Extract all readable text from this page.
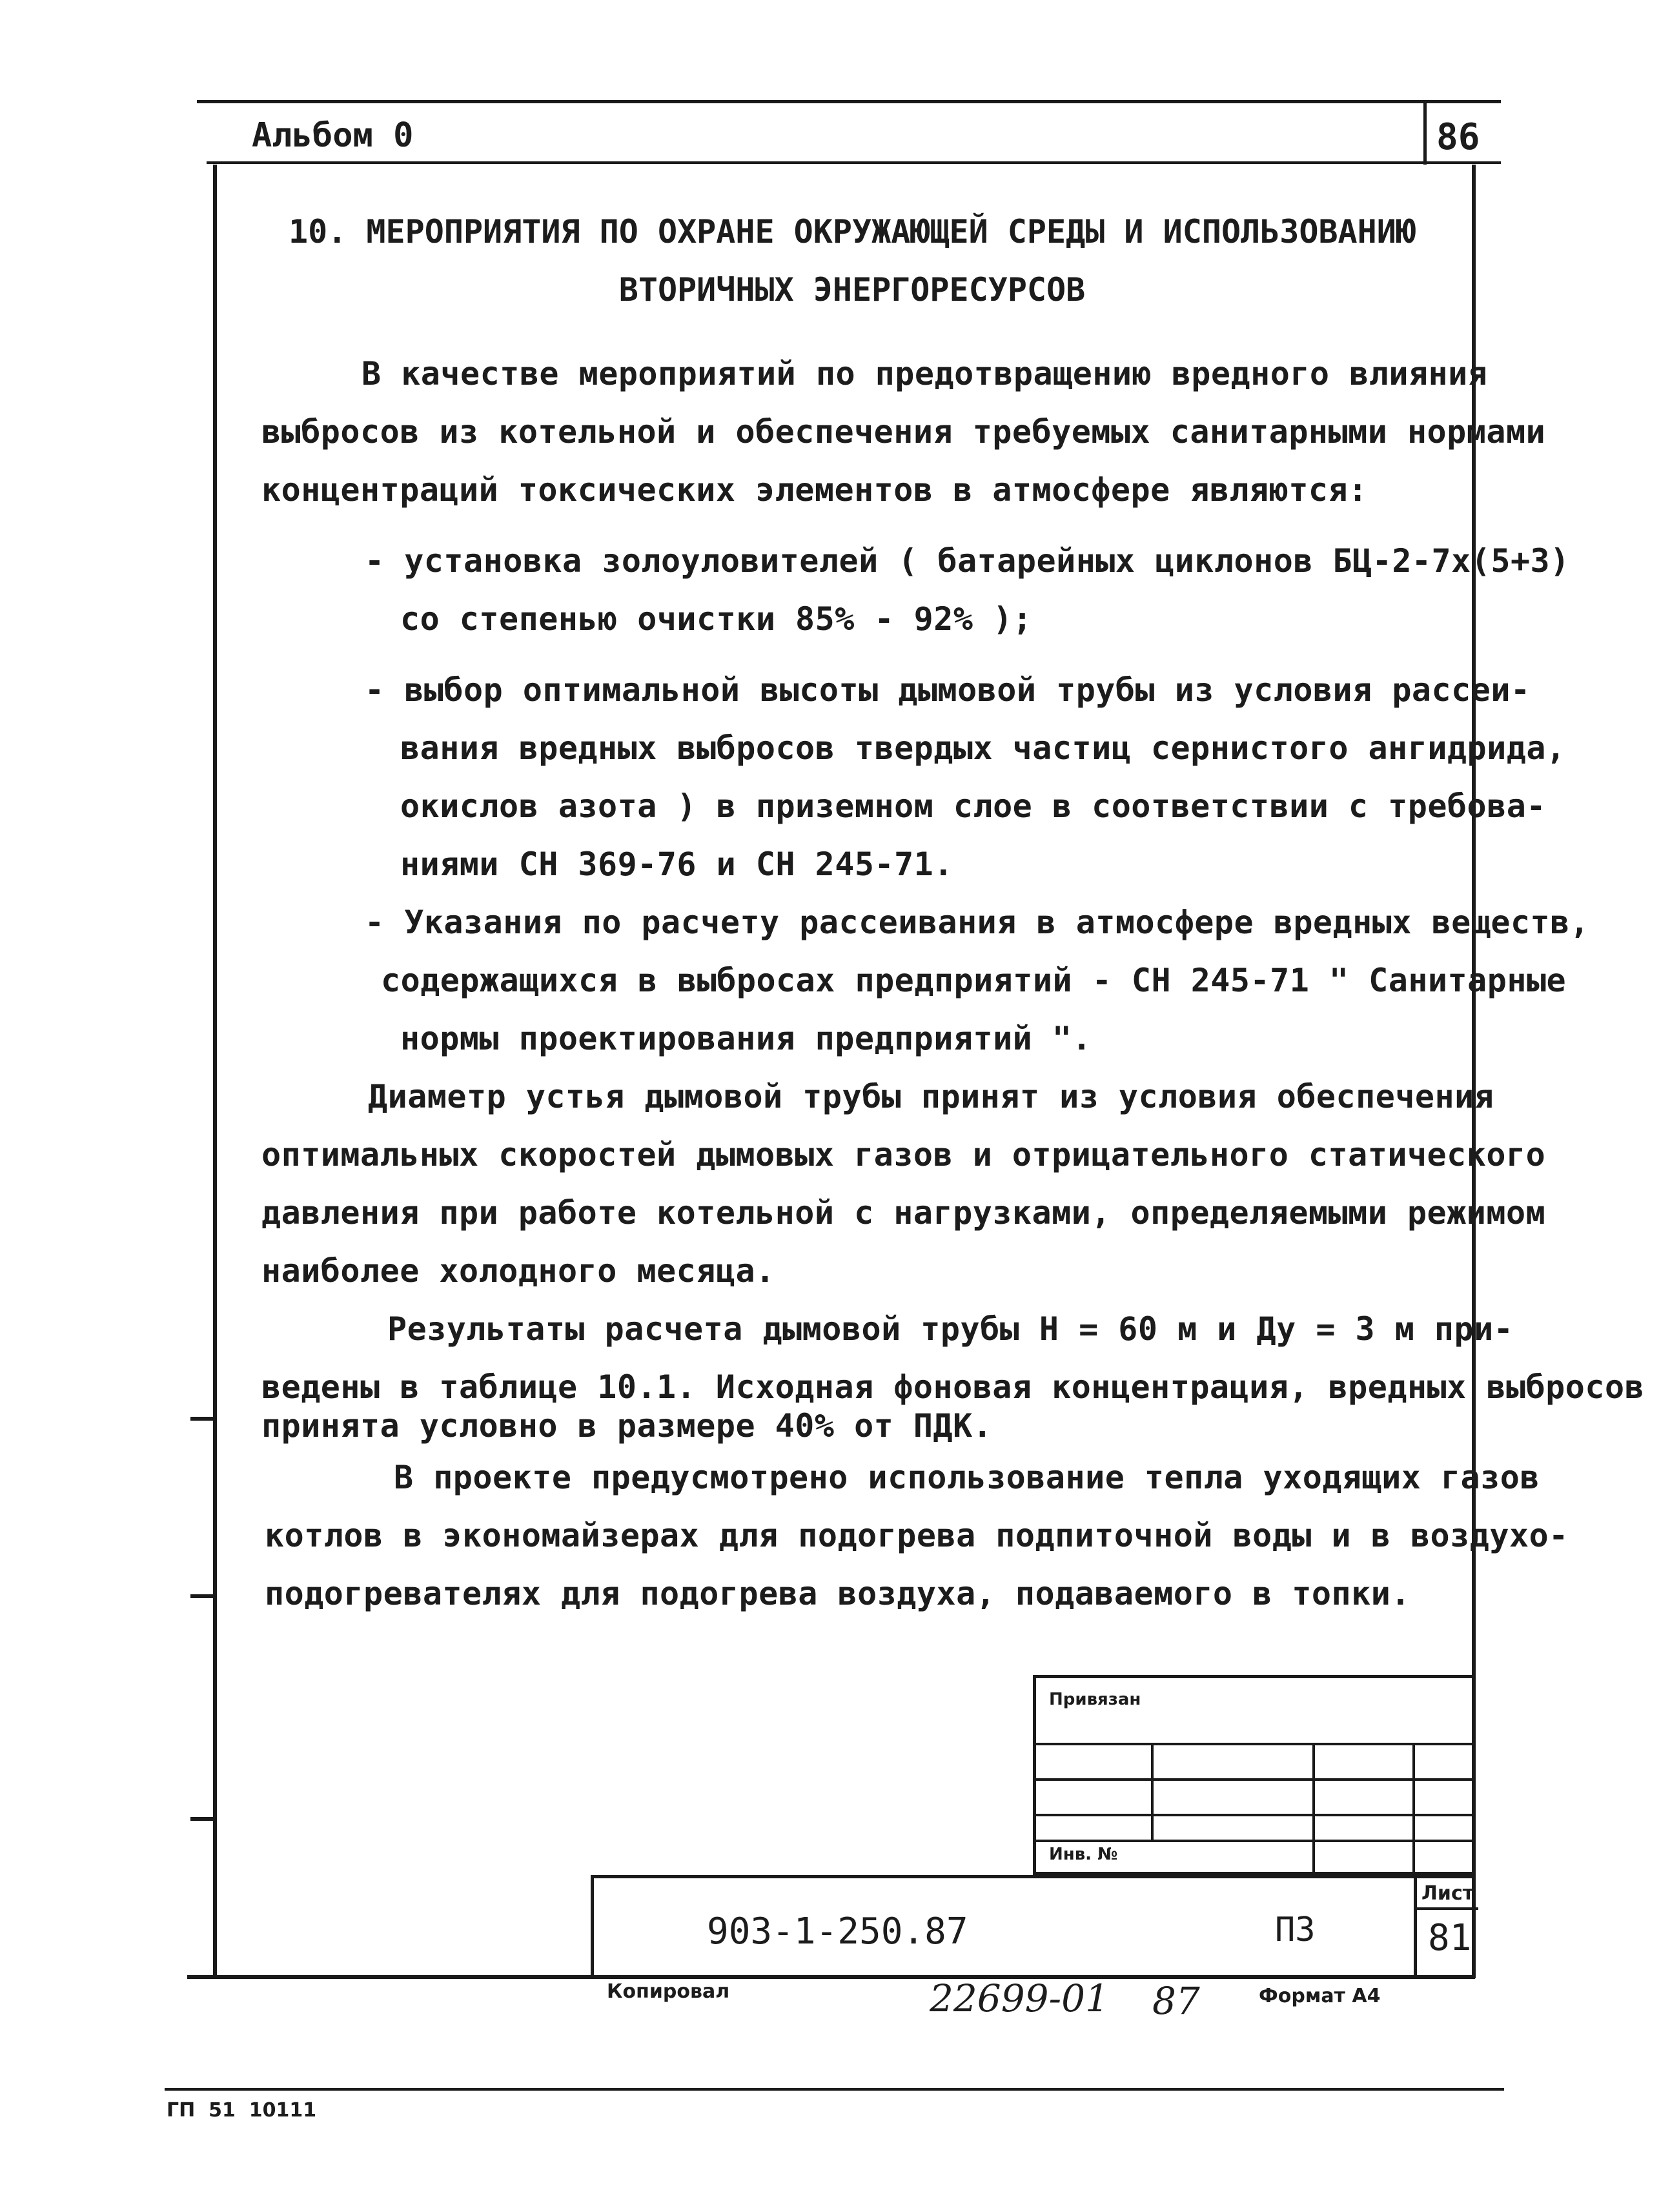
Альбом 0	86
10. МЕРОПРИЯТИЯ ПО ОХРАНЕ ОКРУЖАЮЩЕЙ СРЕДЫ И ИСПОЛЬЗОВАНИЮ
ВТОРИЧНЫХ ЭНЕРГОРЕСУРСОВ
В качестве мероприятий по предотвращению вредного влияния
выбросов из котельной и обеспечения требуемых санитарными нормами
концентраций токсических элементов в атмосфере являются:
- установка золоуловителей ( батарейных циклонов БЦ-2-7х(5+3)
со степенью очистки 85% - 92% );
- выбор оптимальной высоты дымовой трубы из условия рассеи-
вания вредных выбросов твердых частиц сернистого ангидрида,
окислов азота ) в приземном слое в соответствии с требова-
ниями СН 369-76 и СН 245-71.
- Указания по расчету рассеивания в атмосфере вредных веществ,
содержащихся в выбросах предприятий - СН 245-71 " Санитарные
нормы проектирования предприятий ".
Диаметр устья дымовой трубы принят из условия обеспечения
оптимальных скоростей дымовых газов и отрицательного статического
давления при работе котельной с нагрузками, определяемыми режимом
наиболее холодного месяца.
Результаты расчета дымовой трубы Н = 60 м и Ду = 3 м при-
ведены в таблице 10.1. Исходная фоновая концентрация, вредных выбросов
принята условно в размере 40% от ПДК.
В проекте предусмотрено использование тепла уходящих газов
котлов в экономайзерах для подогрева подпиточной воды и в воздухо-
подогревателях для подогрева воздуха, подаваемого в топки.
Привязан
Инв. №
903-1-250.87	ПЗ
Лист
81
Копировал	22699-01 87	Формат А4
ГП  51  10111
